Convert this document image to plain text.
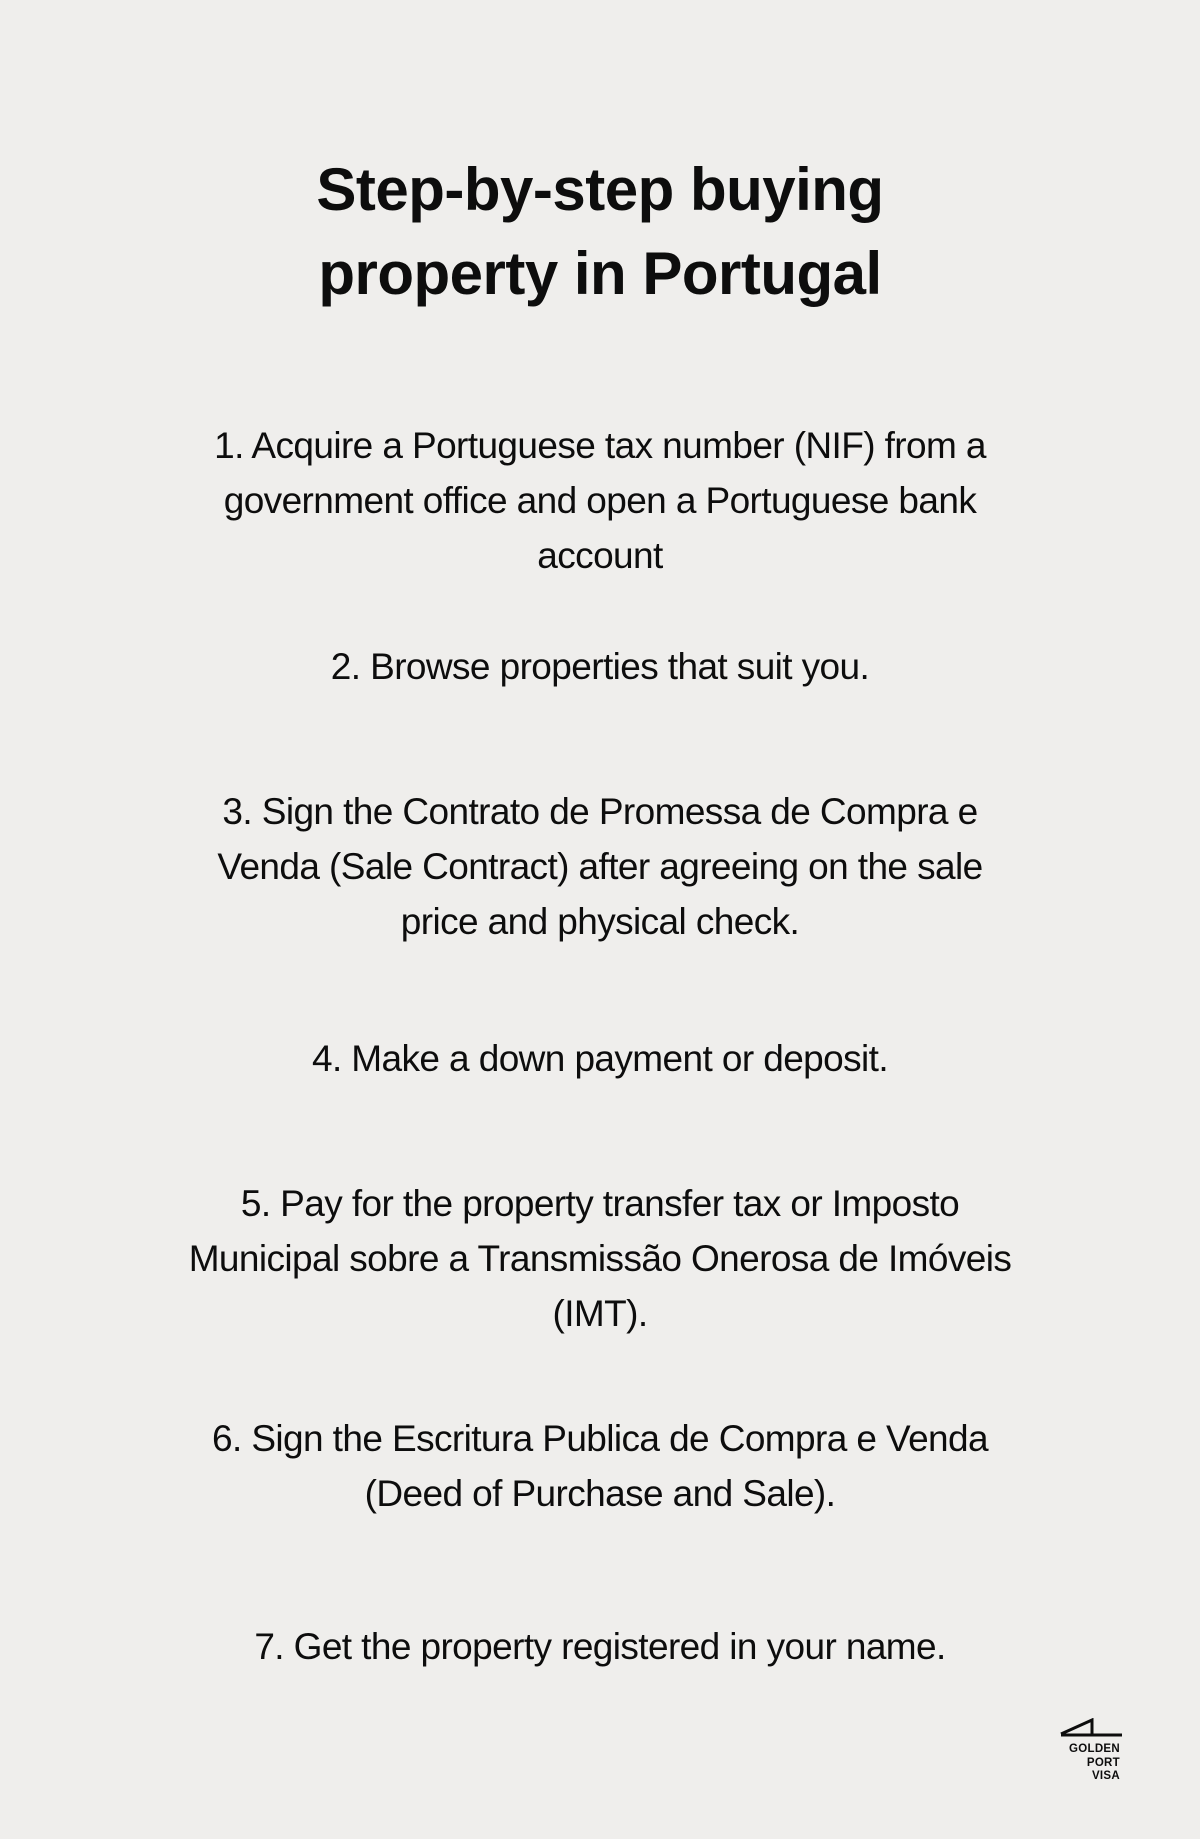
Step-by-step buying
property in Portugal

1. Acquire a Portuguese tax number (NIF) from a
government office and open a Portuguese bank
account

2. Browse properties that suit you.

3. Sign the Contrato de Promessa de Compra e
Venda (Sale Contract) after agreeing on the sale
price and physical check.

4. Make a down payment or deposit.

5. Pay for the property transfer tax or Imposto
Municipal sobre a Transmissão Onerosa de Imóveis
(IMT).

6. Sign the Escritura Publica de Compra e Venda
(Deed of Purchase and Sale).

7. Get the property registered in your name.

GOLDEN
PORT
VISA
